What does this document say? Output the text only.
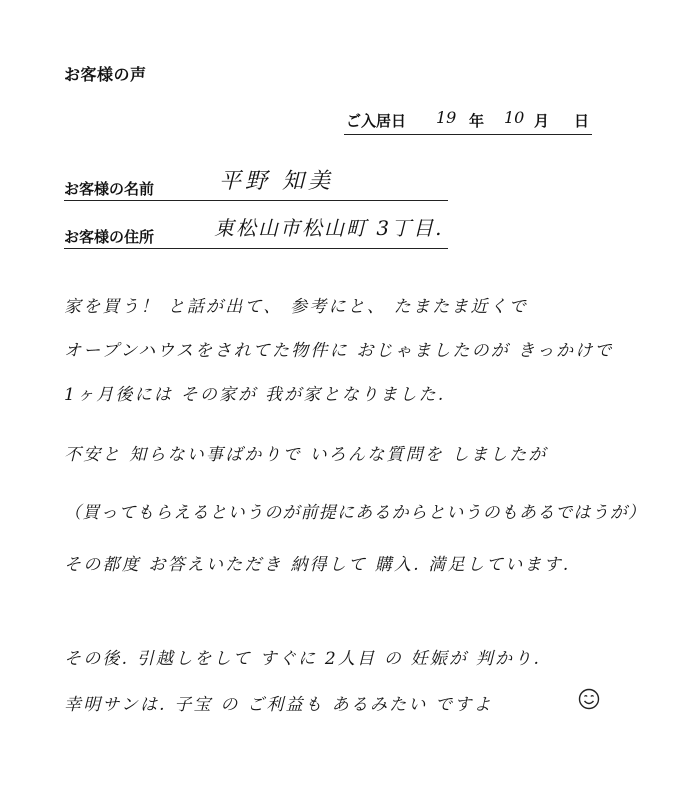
お客様の声
ご入居日 19 年 10 月 日
お客様の名前	平野 知美
お客様の住所	東松山市松山町 3丁目.
家を買う！ と話が出て、 参考にと、 たまたま近くで
オープンハウスをされてた物件に おじゃましたのが きっかけで
1ヶ月後には その家が 我が家となりました.
不安と 知らない事ばかりで いろんな質問を しましたが
（買ってもらえるというのが前提にあるからというのもあるではうが）
その都度 お答えいただき 納得して 購入. 満足しています.
その後. 引越しをして すぐに 2人目 の 妊娠が 判かり.
幸明サンは. 子宝 の ご利益も あるみたい ですよ
